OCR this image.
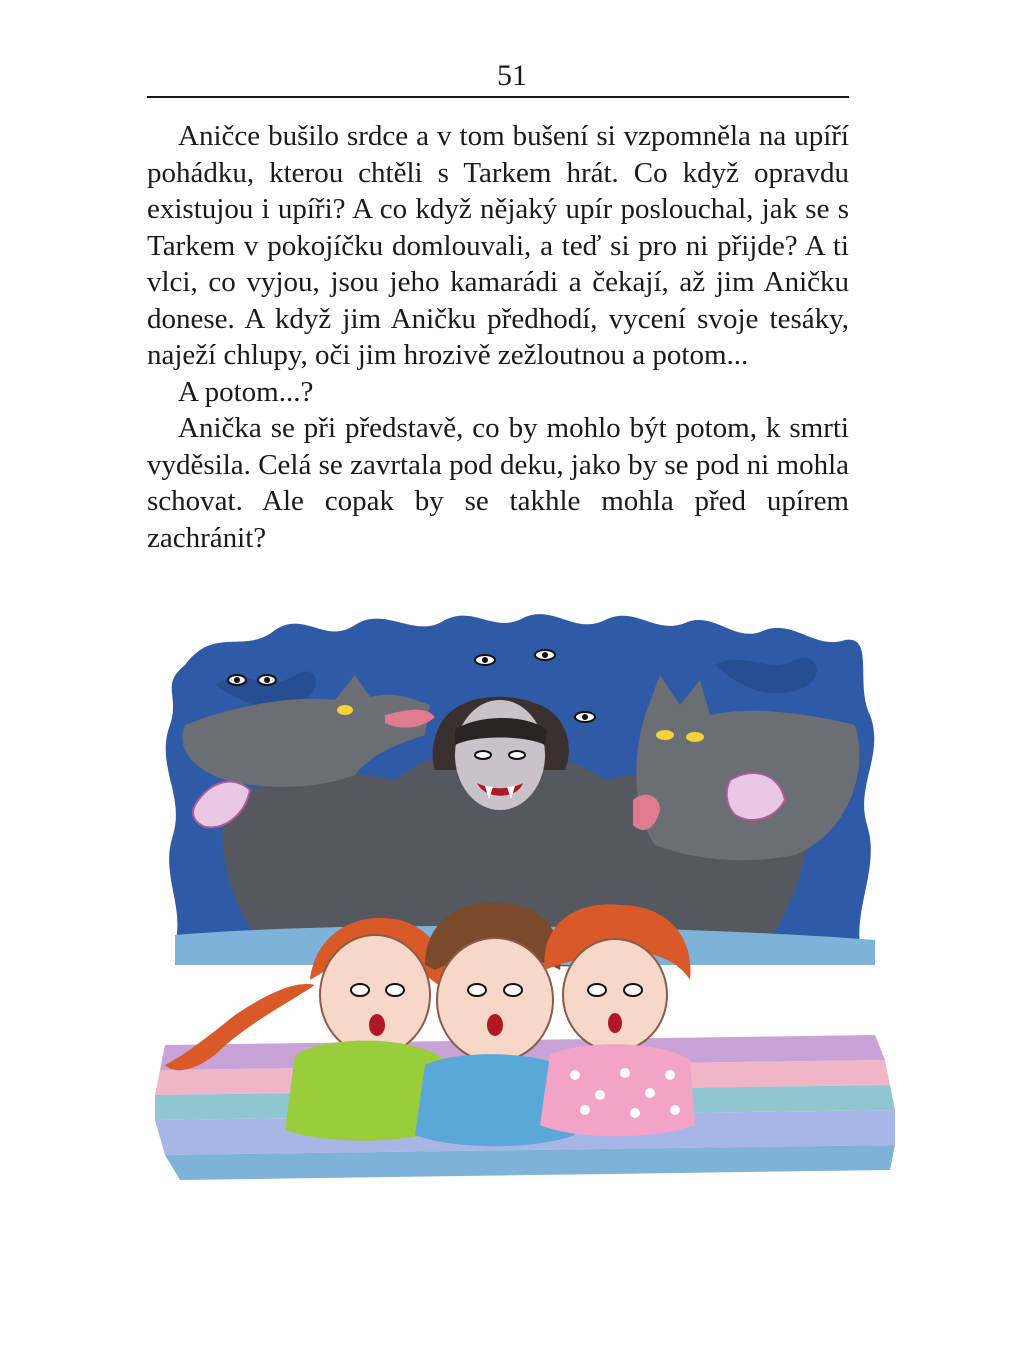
51

Aničce bušilo srdce a v tom bušení si vzpomněla na upíří pohádku, kterou chtěli s Tarkem hrát. Co když opravdu existujou i upíři? A co když nějaký upír poslouchal, jak se s Tarkem v pokojíčku domlouvali, a teď si pro ni přijde? A ti vlci, co vyjou, jsou jeho kamarádi a čekají, až jim Aničku donese. A když jim Aničku předhodí, vycení svoje tesáky, naježí chlupy, oči jim hrozivě zežloutnou a potom...

A potom...?

Anička se při představě, co by mohlo být potom, k smrti vyděsila. Celá se zavrtala pod deku, jako by se pod ni mohla schovat. Ale copak by se takhle mohla před upírem zachránit?
